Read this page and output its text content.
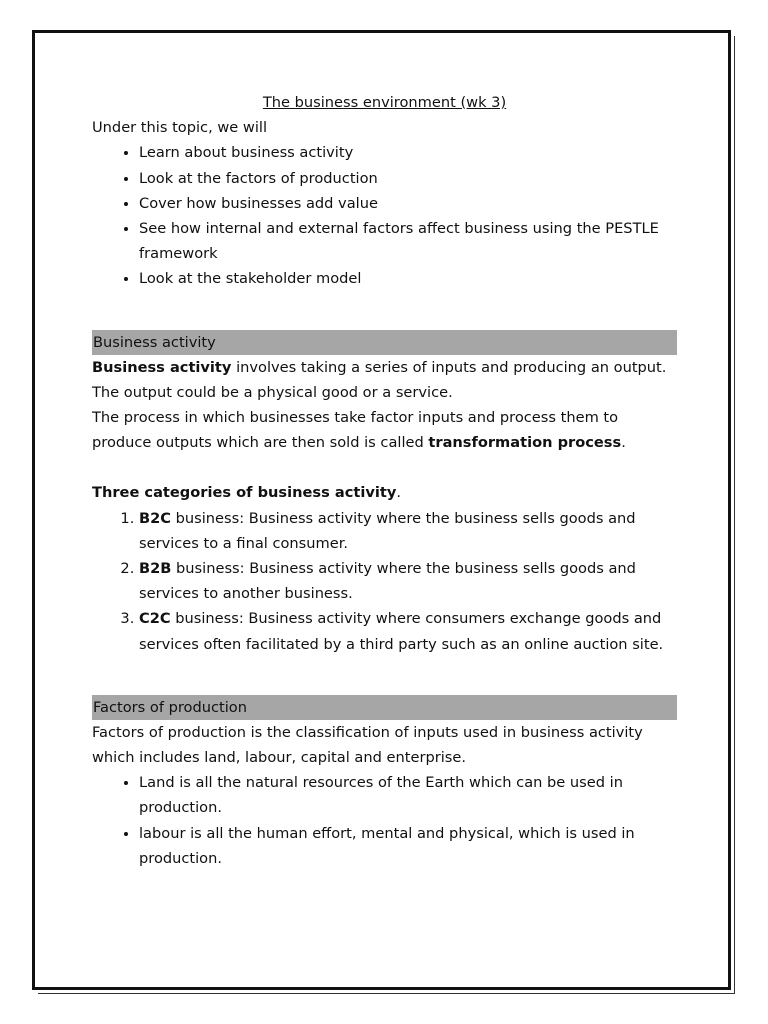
The business environment (wk 3)

Under this topic, we will

• Learn about business activity
• Look at the factors of production
• Cover how businesses add value
• See how internal and external factors affect business using the PESTLE framework
• Look at the stakeholder model
Business activity

Business activity involves taking a series of inputs and producing an output. The output could be a physical good or a service.

The process in which businesses take factor inputs and process them to produce outputs which are then sold is called transformation process.

Three categories of business activity.

1. B2C business: Business activity where the business sells goods and services to a final consumer.
2. B2B business: Business activity where the business sells goods and services to another business.
3. C2C business: Business activity where consumers exchange goods and services often facilitated by a third party such as an online auction site.
Factors of production

Factors of production is the classification of inputs used in business activity which includes land, labour, capital and enterprise.

• Land is all the natural resources of the Earth which can be used in production.
• labour is all the human effort, mental and physical, which is used in production.
